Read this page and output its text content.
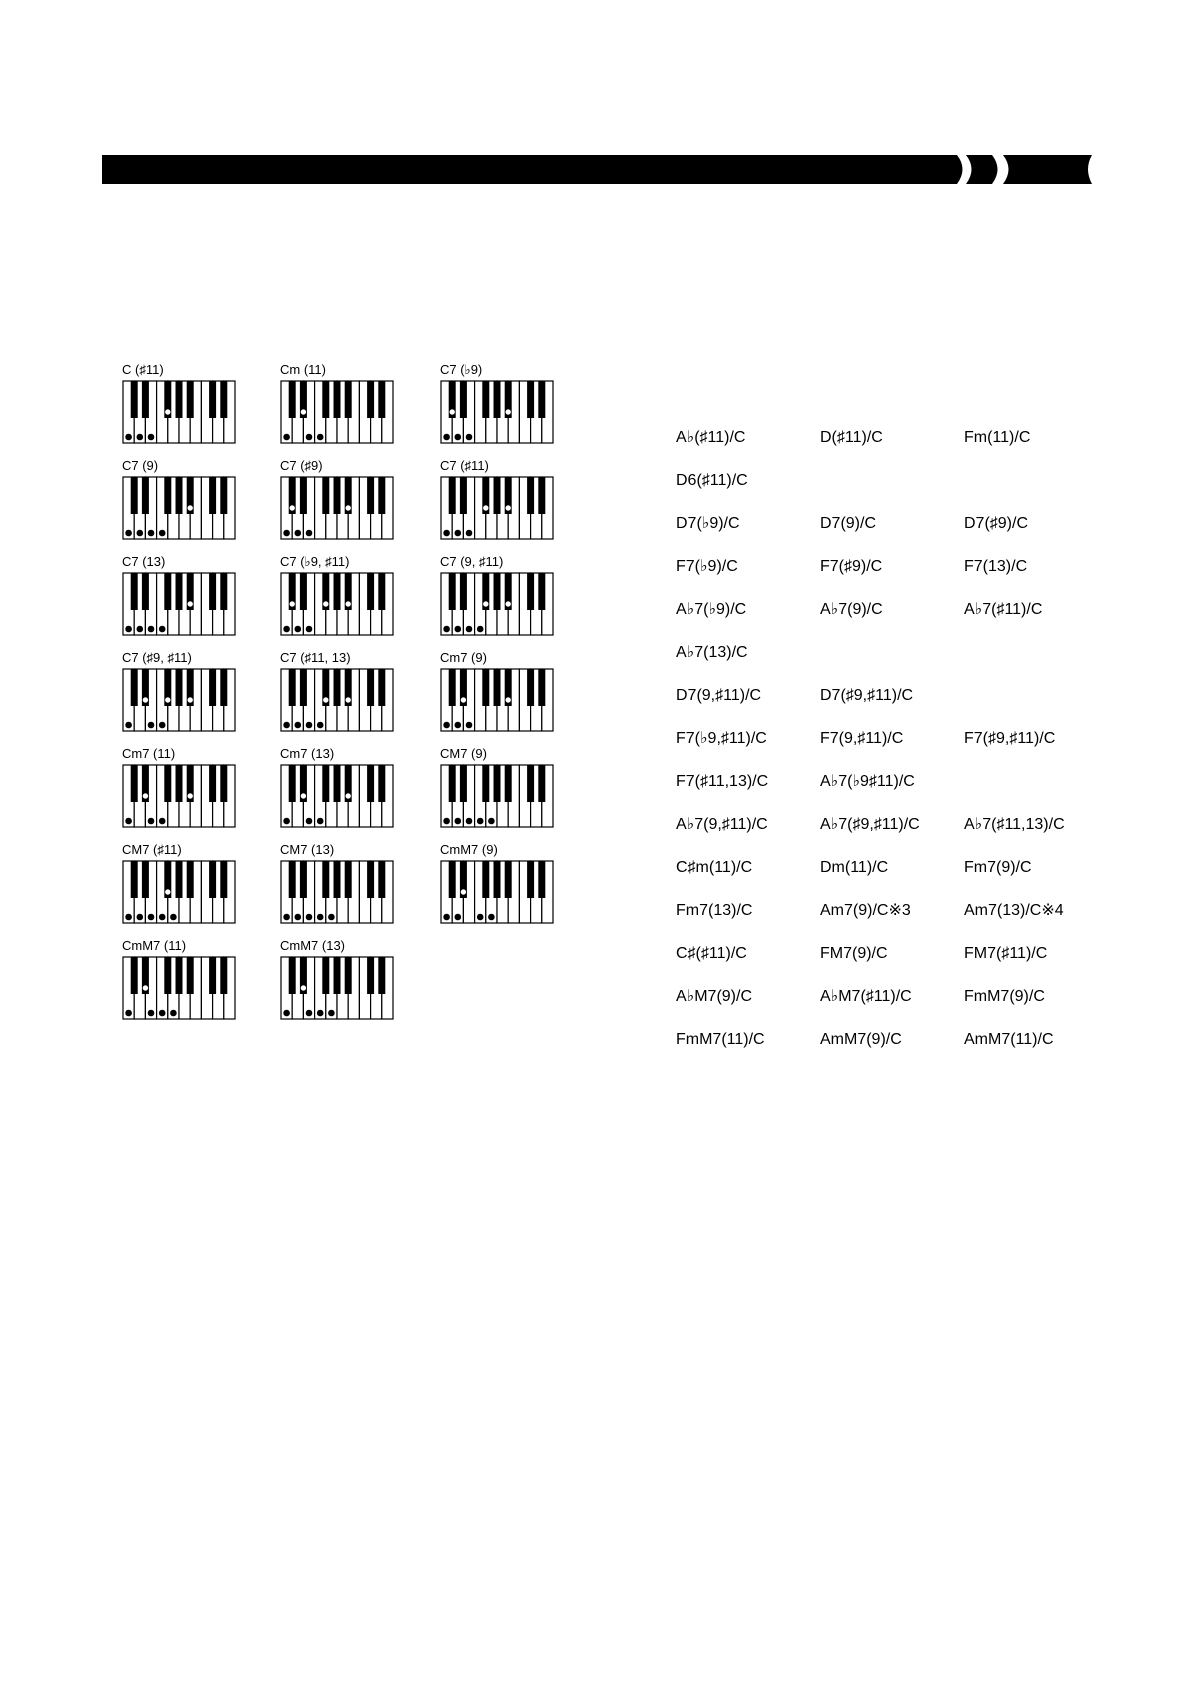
C (♯11)	Cm (11)	C7 (♭9)
C7 (9)	C7 (♯9)	C7 (♯11)
C7 (13)	C7 (♭9, ♯11)	C7 (9, ♯11)
C7 (♯9, ♯11)	C7 (♯11, 13)	Cm7 (9)
Cm7 (11)	Cm7 (13)	CM7 (9)
CM7 (♯11)	CM7 (13)	CmM7 (9)
CmM7 (11)	CmM7 (13)
A♭(♯11)/C	D(♯11)/C	Fm(11)/C
D6(♯11)/C
D7(♭9)/C	D7(9)/C	D7(♯9)/C
F7(♭9)/C	F7(♯9)/C	F7(13)/C
A♭7(♭9)/C	A♭7(9)/C	A♭7(♯11)/C
A♭7(13)/C
D7(9,♯11)/C	D7(♯9,♯11)/C
F7(♭9,♯11)/C	F7(9,♯11)/C	F7(♯9,♯11)/C
F7(♯11,13)/C	A♭7(♭9♯11)/C
A♭7(9,♯11)/C	A♭7(♯9,♯11)/C	A♭7(♯11,13)/C
C♯m(11)/C	Dm(11)/C	Fm7(9)/C
Fm7(13)/C	Am7(9)/C※3	Am7(13)/C※4
C♯(♯11)/C	FM7(9)/C	FM7(♯11)/C
A♭M7(9)/C	A♭M7(♯11)/C	FmM7(9)/C
FmM7(11)/C	AmM7(9)/C	AmM7(11)/C
